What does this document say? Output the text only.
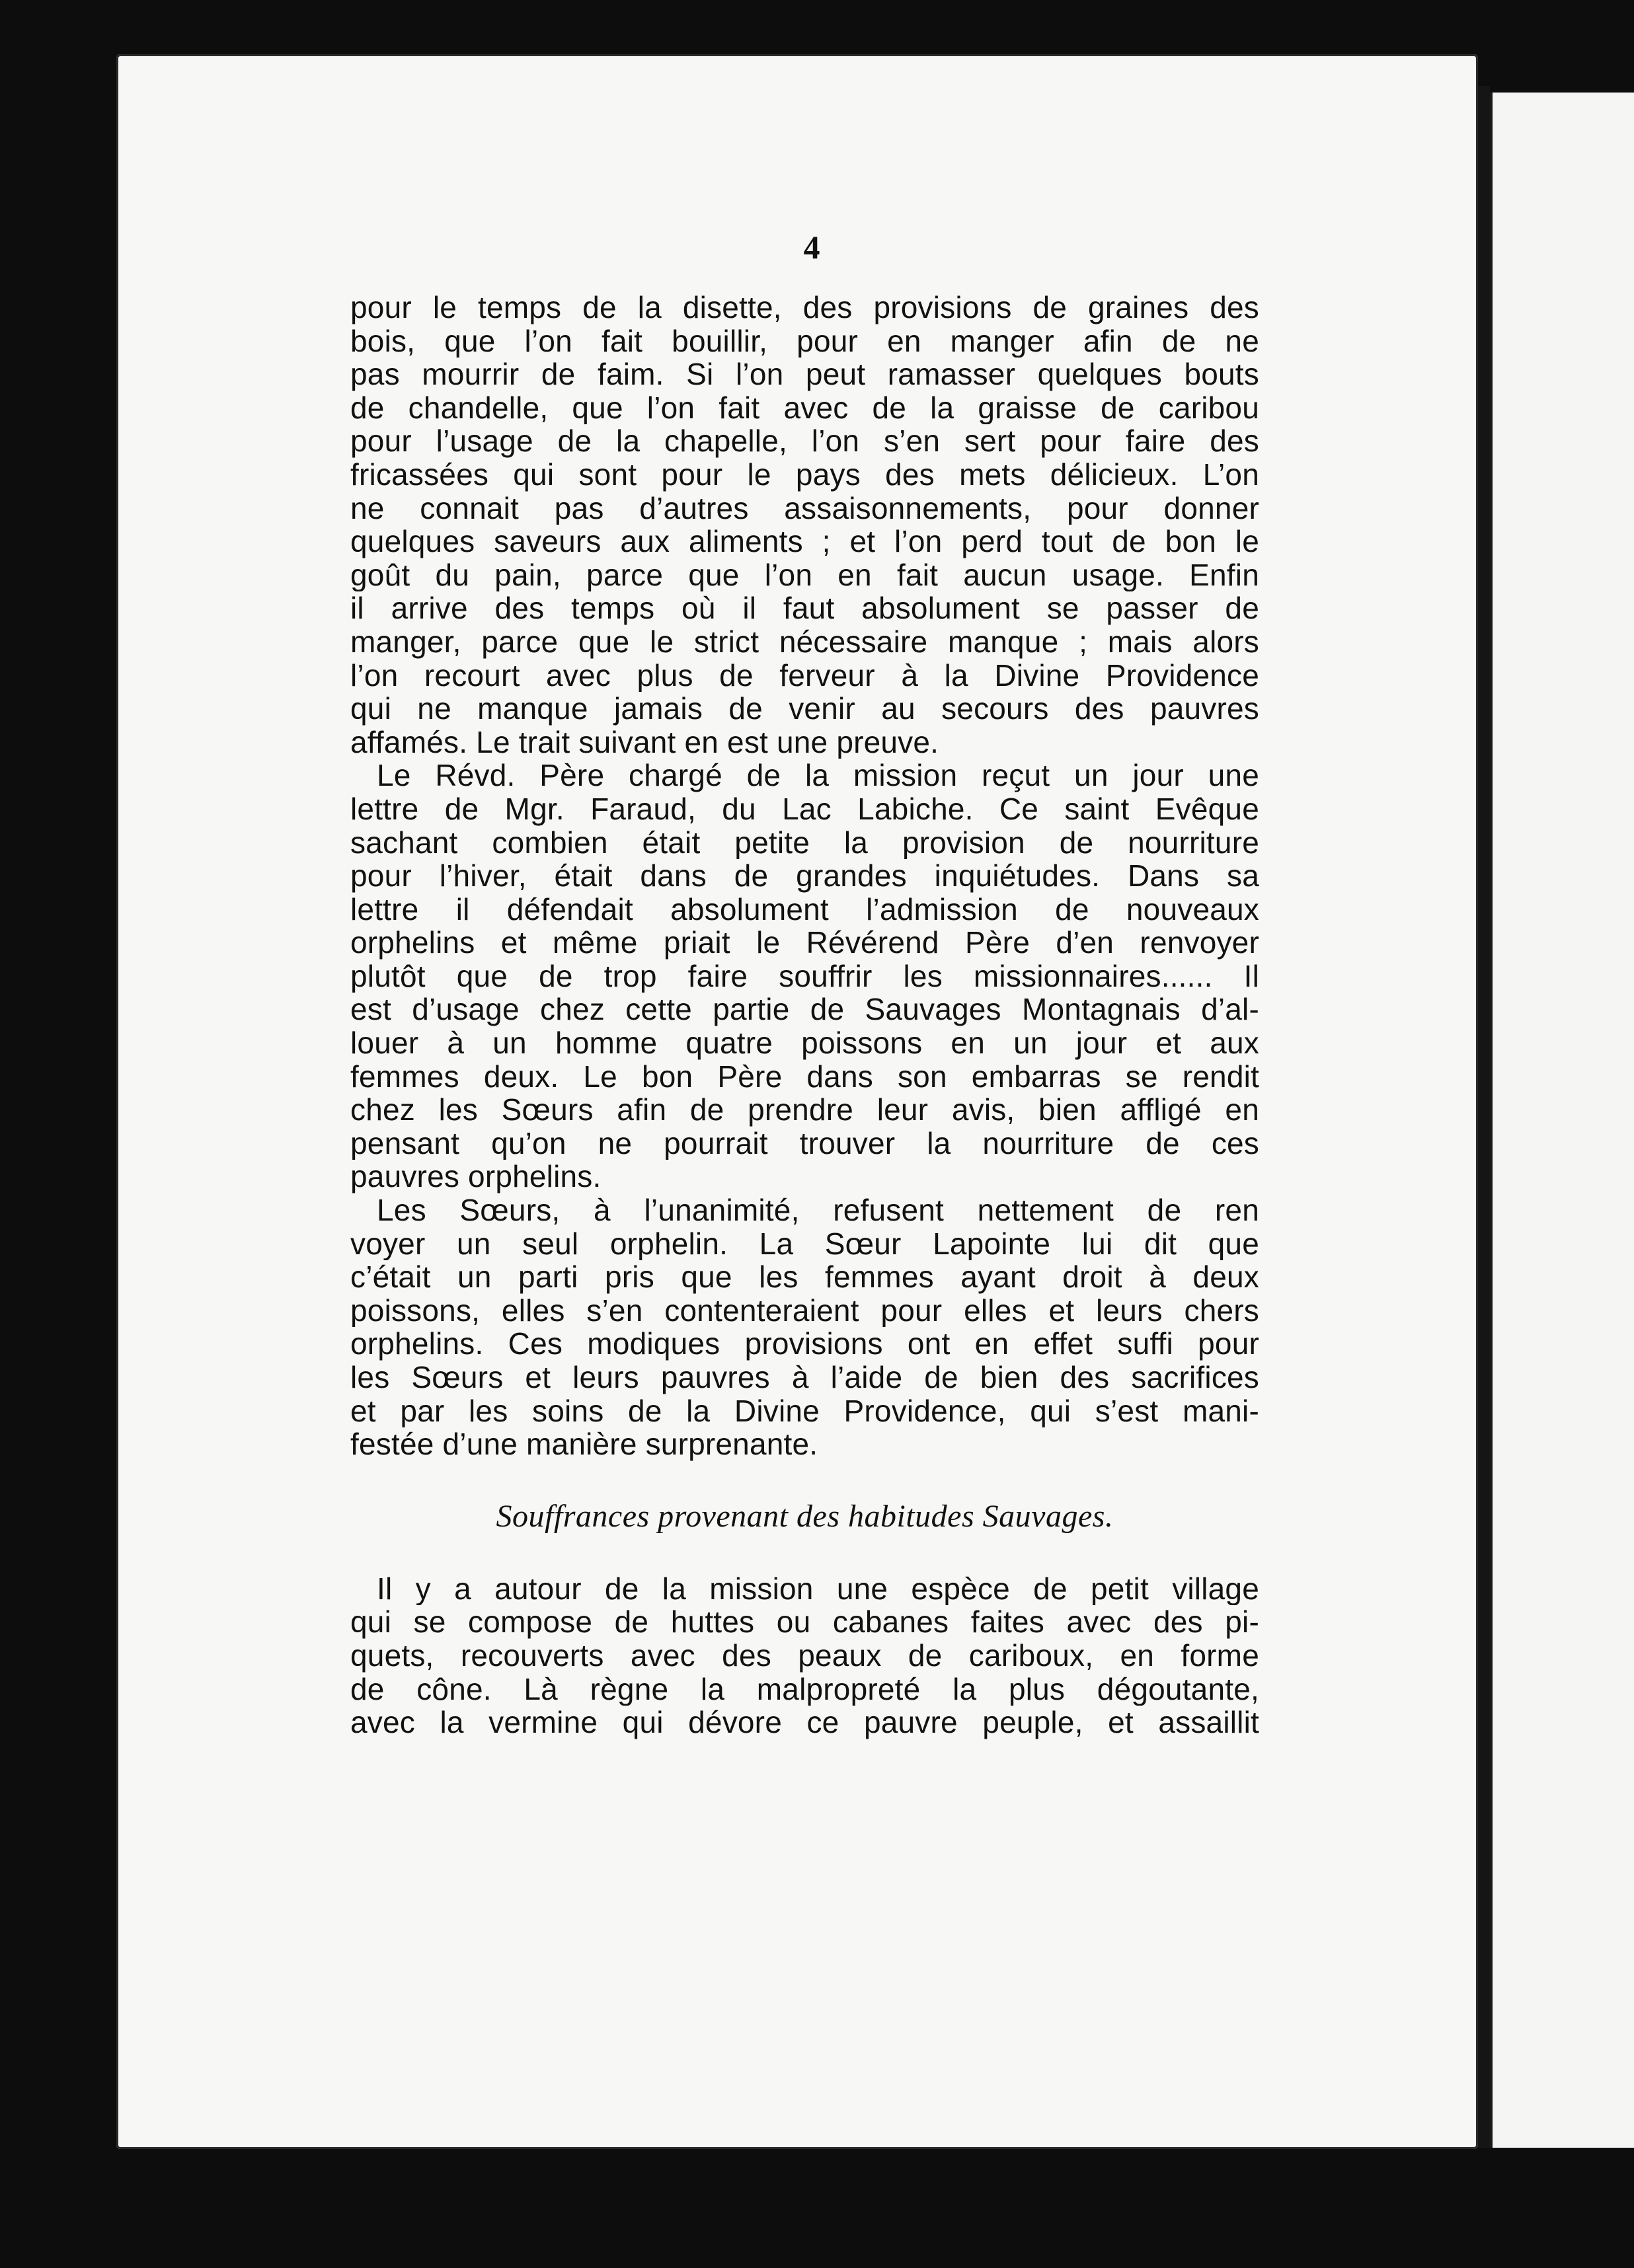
4
pour le temps de la disette, des provisions de graines des
bois, que l’on fait bouillir, pour en manger afin de ne
pas mourrir de faim. Si l’on peut ramasser quelques bouts
de chandelle, que l’on fait avec de la graisse de caribou
pour l’usage de la chapelle, l’on s’en sert pour faire des
fricassées qui sont pour le pays des mets délicieux. L’on
ne connait pas d’autres assaisonnements, pour donner
quelques saveurs aux aliments ; et l’on perd tout de bon le
goût du pain, parce que l’on en fait aucun usage. Enfin
il arrive des temps où il faut absolument se passer de
manger, parce que le strict nécessaire manque ; mais alors
l’on recourt avec plus de ferveur à la Divine Providence
qui ne manque jamais de venir au secours des pauvres
affamés. Le trait suivant en est une preuve.
Le Révd. Père chargé de la mission reçut un jour une
lettre de Mgr. Faraud, du Lac Labiche. Ce saint Evêque
sachant combien était petite la provision de nourriture
pour l’hiver, était dans de grandes inquiétudes. Dans sa
lettre il défendait absolument l’admission de nouveaux
orphelins et même priait le Révérend Père d’en renvoyer
plutôt que de trop faire souffrir les missionnaires...... Il
est d’usage chez cette partie de Sauvages Montagnais d’al-
louer à un homme quatre poissons en un jour et aux
femmes deux. Le bon Père dans son embarras se rendit
chez les Sœurs afin de prendre leur avis, bien affligé en
pensant qu’on ne pourrait trouver la nourriture de ces
pauvres orphelins.
Les Sœurs, à l’unanimité, refusent nettement de ren
voyer un seul orphelin. La Sœur Lapointe lui dit que
c’était un parti pris que les femmes ayant droit à deux
poissons, elles s’en contenteraient pour elles et leurs chers
orphelins. Ces modiques provisions ont en effet suffi pour
les Sœurs et leurs pauvres à l’aide de bien des sacrifices
et par les soins de la Divine Providence, qui s’est mani-
festée d’une manière surprenante.
Souffrances provenant des habitudes Sauvages.
Il y a autour de la mission une espèce de petit village
qui se compose de huttes ou cabanes faites avec des pi-
quets, recouverts avec des peaux de cariboux, en forme
de cône. Là règne la malpropreté la plus dégoutante,
avec la vermine qui dévore ce pauvre peuple, et assaillit
